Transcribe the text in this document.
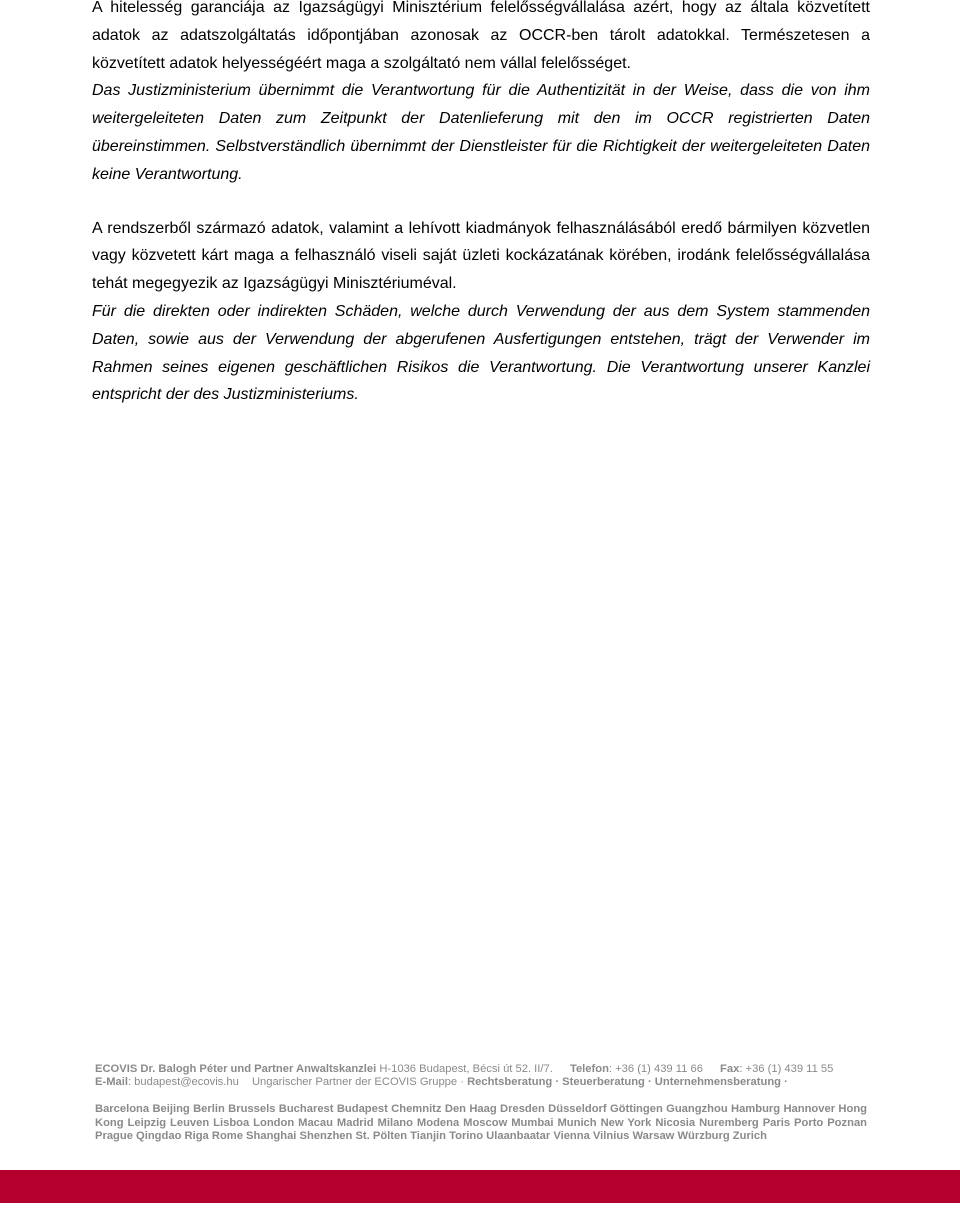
A hitelesség garanciája az Igazságügyi Minisztérium felelősségvállalása azért, hogy az általa közvetített adatok az adatszolgáltatás időpontjában azonosak az OCCR-ben tárolt adatokkal. Természetesen a közvetített adatok helyességéért maga a szolgáltató nem vállal felelősséget.

Das Justizministerium übernimmt die Verantwortung für die Authentizität in der Weise, dass die von ihm weitergeleiteten Daten zum Zeitpunkt der Datenlieferung mit den im OCCR registrierten Daten übereinstimmen. Selbstverständlich übernimmt der Dienstleister für die Richtigkeit der weitergeleiteten Daten keine Verantwortung.

A rendszerből származó adatok, valamint a lehívott kiadmányok felhasználásából eredő bármilyen közvetlen vagy közvetett kárt maga a felhasználó viseli saját üzleti kockázatának körében, irodánk felelősségvállalása tehát megegyezik az Igazságügyi Minisztériuméval.

Für die direkten oder indirekten Schäden, welche durch Verwendung der aus dem System stammenden Daten, sowie aus der Verwendung der abgerufenen Ausfertigungen entstehen, trägt der Verwender im Rahmen seines eigenen geschäftlichen Risikos die Verantwortung. Die Verantwortung unserer Kanzlei entspricht der des Justizministeriums.

ECOVIS Dr. Balogh Péter und Partner Anwaltskanzlei H-1036 Budapest, Bécsi út 52. II/7. Telefon: +36 (1) 439 11 66 Fax: +36 (1) 439 11 55
E-Mail: budapest@ecovis.hu Ungarischer Partner der ECOVIS Gruppe · Rechtsberatung · Steuerberatung · Unternehmensberatung ·
Barcelona Beijing Berlin Brussels Bucharest Budapest Chemnitz Den Haag Dresden Düsseldorf Göttingen Guangzhou Hamburg Hannover Hong Kong Leipzig Leuven Lisboa London Macau Madrid Milano Modena Moscow Mumbai Munich New York Nicosia Nuremberg Paris Porto Poznan Prague Qingdao Riga Rome Shanghai Shenzhen St. Pölten Tianjin Torino Ulaanbaatar Vienna Vilnius Warsaw Würzburg Zurich
